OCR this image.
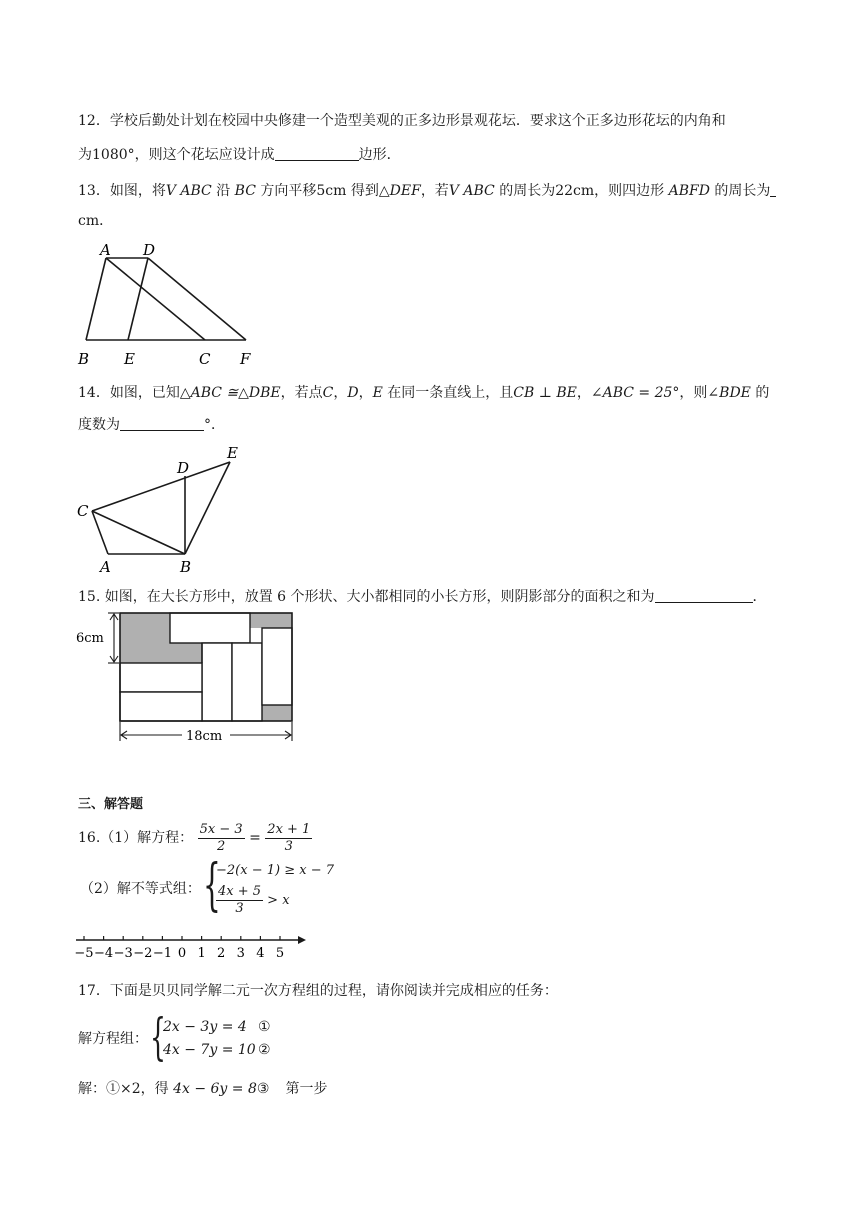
12．学校后勤处计划在校园中央修建一个造型美观的正多边形景观花坛．要求这个正多边形花坛的内角和
为1080°，则这个花坛应设计成	边形．
13．如图，将V ABC 沿 BC 方向平移5cm 得到△DEF，若V ABC 的周长为22cm，则四边形 ABFD 的周长为
cm．
A D
B E	C F
14．如图，已知△ABC ≅△DBE，若点C，D，E 在同一条直线上，且CB ⊥ BE，∠ABC = 25°，则∠BDE 的
度数为	°．
C
D
E
A	B
15. 如图，在大长方形中，放置 6 个形状、大小都相同的小长方形，则阴影部分的面积之和为	．
6cm
18cm
三、解答题
16.（1）解方程： $\frac{5x - 3}{2} = \frac{2x + 1}{3}$
（2）解不等式组： {
−2(x − 1) ≥ x − 7
$\frac{4x + 5}{3} > x$
−5 −4 −3 −2 −1 0 1 2 3 4 5
17．下面是贝贝同学解二元一次方程组的过程，请你阅读并完成相应的任务：
解方程组： {
2x − 3y = 4 ①
4x − 7y = 10 ②
解：①×2，得 4x − 6y = 8③ 第一步
